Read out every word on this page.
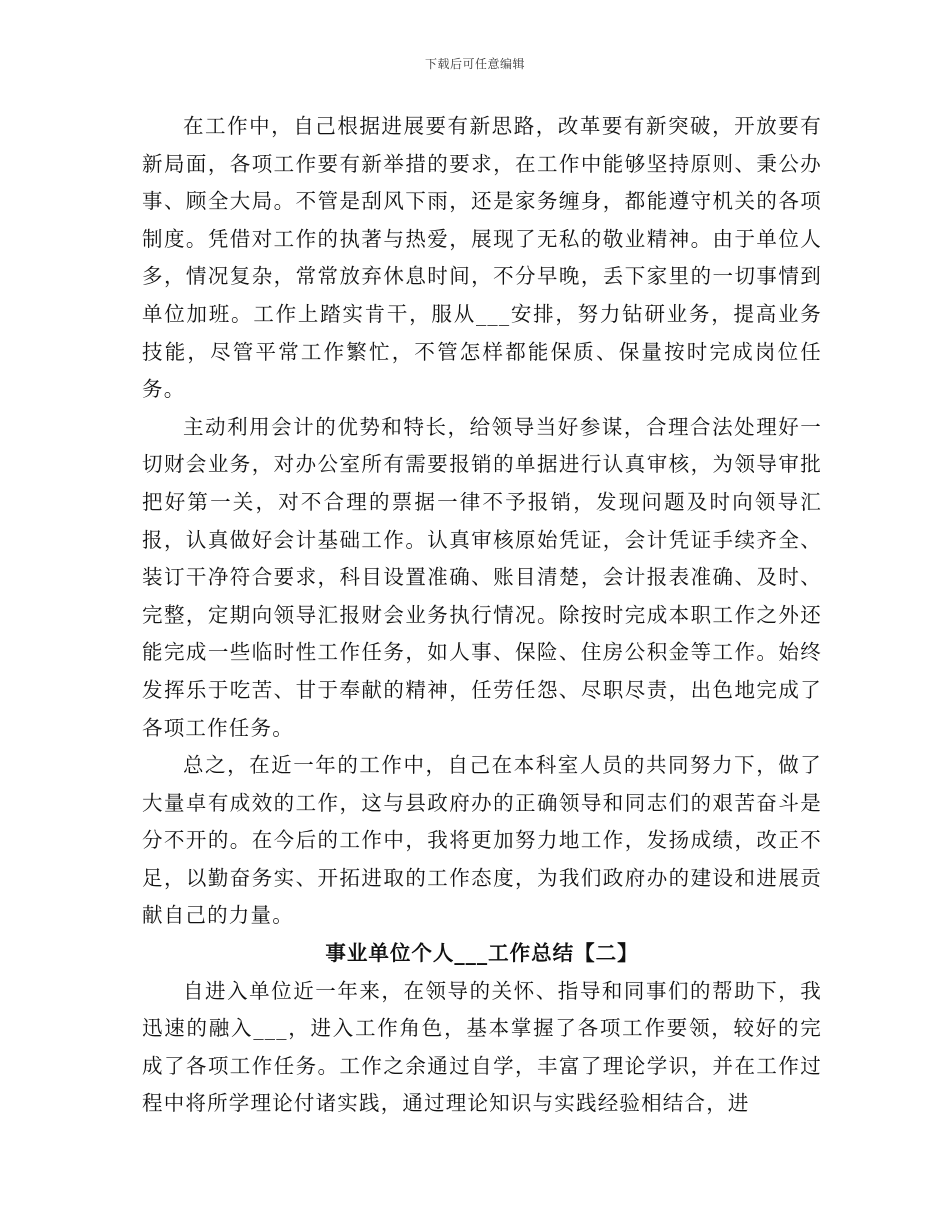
下载后可任意编辑

在工作中，自己根据进展要有新思路，改革要有新突破，开放要有新局面，各项工作要有新举措的要求，在工作中能够坚持原则、秉公办事、顾全大局。不管是刮风下雨，还是家务缠身，都能遵守机关的各项制度。凭借对工作的执著与热爱，展现了无私的敬业精神。由于单位人多，情况复杂，常常放弃休息时间，不分早晚，丢下家里的一切事情到单位加班。工作上踏实肯干，服从___安排，努力钻研业务，提高业务技能，尽管平常工作繁忙，不管怎样都能保质、保量按时完成岗位任务。

主动利用会计的优势和特长，给领导当好参谋，合理合法处理好一切财会业务，对办公室所有需要报销的单据进行认真审核，为领导审批把好第一关，对不合理的票据一律不予报销，发现问题及时向领导汇报，认真做好会计基础工作。认真审核原始凭证，会计凭证手续齐全、装订干净符合要求，科目设置准确、账目清楚，会计报表准确、及时、完整，定期向领导汇报财会业务执行情况。除按时完成本职工作之外还能完成一些临时性工作任务，如人事、保险、住房公积金等工作。始终发挥乐于吃苦、甘于奉献的精神，任劳任怨、尽职尽责，出色地完成了各项工作任务。

总之，在近一年的工作中，自己在本科室人员的共同努力下，做了大量卓有成效的工作，这与县政府办的正确领导和同志们的艰苦奋斗是分不开的。在今后的工作中，我将更加努力地工作，发扬成绩，改正不足，以勤奋务实、开拓进取的工作态度，为我们政府办的建设和进展贡献自己的力量。

事业单位个人___工作总结【二】

自进入单位近一年来，在领导的关怀、指导和同事们的帮助下，我迅速的融入___，进入工作角色，基本掌握了各项工作要领，较好的完成了各项工作任务。工作之余通过自学，丰富了理论学识，并在工作过程中将所学理论付诸实践，通过理论知识与实践经验相结合，进
